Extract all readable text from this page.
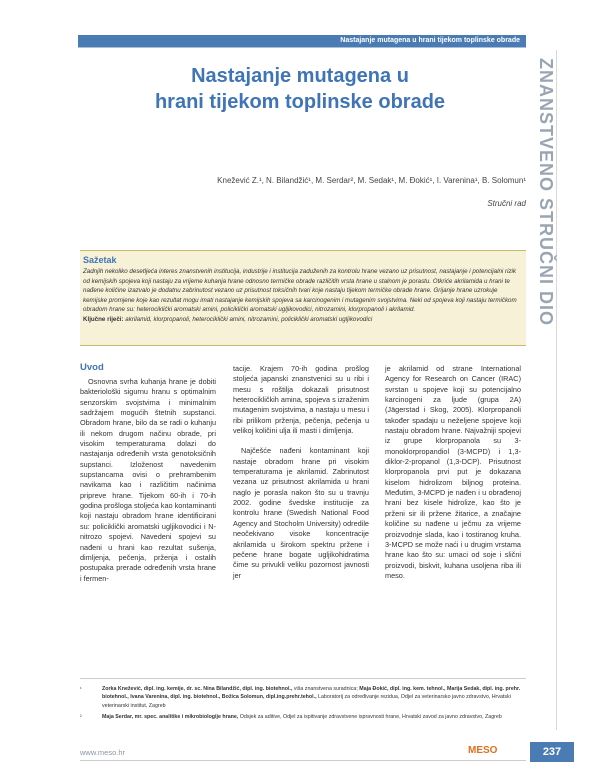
Nastajanje mutagena u hrani tijekom toplinske obrade
ZNANSTVENO STRUČNI DIO
Nastajanje mutagena u
hrani tijekom toplinske obrade
Knežević Z.¹, N. Bilandžić¹, M. Serdar², M. Sedak¹, M. Đokić¹, I. Varenina¹, B. Solomun¹
Stručni rad
Sažetak
Zadnjih nekoliko desetljeća interes znanstvenih institucija, industrije i institucija zaduženih za kontrolu hrane vezano uz prisutnost, nastajanje i potencijalni rizik od kemijskih spojeva koji nastaju za vrijeme kuhanja hrane odnosno termičke obrade različitih vrsta hrane u stalnom je porastu. Otkriće akrilamida u hrani te nađene količine izazvalo je dodatnu zabrinutost vezano uz prisutnost toksičnih tvari koje nastaju tijekom termičke obrade hrane. Grijanje hrane uzrokuje kemijske promjene koje kao rezultat mogu imati nastajanje kemijskih spojeva sa karcinogenim i mutagenim svojstvima. Neki od spojeva koji nastaju termičkom obradom hrane su: heterociklički aromatski amini, policiklički aromatski ugljikovodici, nitrozamini, klorpropanoli i akrilamid.
Ključne riječi: akrilamid, klorpropanoli, heterociklički amini, nitrozamini, policiklički aromatski ugljikovodici
Uvod

Osnovna svrha kuhanja hrane je dobiti bakteriološki sigurnu hranu s optimalnim senzorskim svojstvima i minimalnim sadržajem mogućih štetnih supstanci. Obradom hrane, bilo da se radi o kuhanju ili nekom drugom načinu obrade, pri visokim temperaturama dolazi do nastajanja određenih vrsta genotoksičnih supstanci. Izloženost navedenim supstancama ovisi o prehrambenim navikama kao i različitim načinima pripreve hrane. Tijekom 60-ih i 70-ih godina prošloga stoljeća kao kontaminanti koji nastaju obradom hrane identificirani su: policiklički aromatski ugljikovodici i N-nitrozo spojevi. Navedeni spojevi su nađeni u hrani kao rezultat sušenja, dimljenja, pečenja, prženja i ostalih postupaka prerade određenih vrsta hrane i fermen-

tacije. Krajem 70-ih godina prošlog stoljeća japanski znanstvenici su u ribi i mesu s roštilja dokazali prisutnost heterocikličkih amina, spojeva s izraženim mutagenim svojstvima, a nastaju u mesu i ribi prilikom prženja, pečenja, pečenja u velikoj količini ulja ili masti i dimljenja.

Najčešće nađeni kontaminant koji nastaje obradom hrane pri visokim temperaturama je akrilamid. Zabrinutost vezana uz prisutnost akrilamida u hrani naglo je porasla nakon što su u travnju 2002. godine švedske institucije za kontrolu hrane (Swedish National Food Agency and Stocholm University) odredile neočekivano visoke koncentracije akrilamida u širokom spektru pržene i pečene hrane bogate ugljikohidratima čime su privukli veliku pozornost javnosti jer

je akrilamid od strane International Agency for Research on Cancer (IRAC) svrstan u spojeve koji su potencijalno karcinogeni za ljude (grupa 2A) (Jägerstad i Skog, 2005). Klorpropanoli također spadaju u neželjene spojeve koji nastaju obradom hrane. Najvažniji spojevi iz grupe klorpropanola su 3-monoklorpropandiol (3-MCPD) i 1,3-diklor-2-propanol (1,3-DCP). Prisutnost klorpropanola prvi put je dokazana kiselom hidrolizom biljnog proteina. Međutim, 3-MCPD je nađen i u obrađenoj hrani bez kisele hidrolize, kao što je prženi sir ili pržene žitarice, a značajne količine su nađene u ječmu za vrijeme proizvodnje slada, kao i tostiranog kruha. 3-MCPD se može naći i u drugim vrstama hrane kao što su: umaci od soje i slični proizvodi, biskvit, kuhana usoljena riba ili meso.

¹	Zorka Knežević, dipl. ing. kemije, dr. sc. Nina Bilandžić, dipl. ing. biotehnol., viša znanstvena suradnica; Maja Đokić, dipl. ing. kem. tehnol., Marija Sedak, dipl. ing. prehr. biotehnol., Ivana Varenina, dipl. ing. biotehnol., Božica Solomun, dipl.ing.prehr.tehol., Laboratorij za određivanje rezidua, Odjel za veterinarsko javno zdravstvo, Hrvatski veterinarski institut, Zagreb
²	Maja Serdar, mr. spec. analitike i mikrobiologije hrane, Odsjek za aditive, Odjel za ispitivanje zdravstvene ispravnosti hrane, Hrvatski zavod za javno zdravstvo, Zagreb
www.meso.hr	MESO	237
